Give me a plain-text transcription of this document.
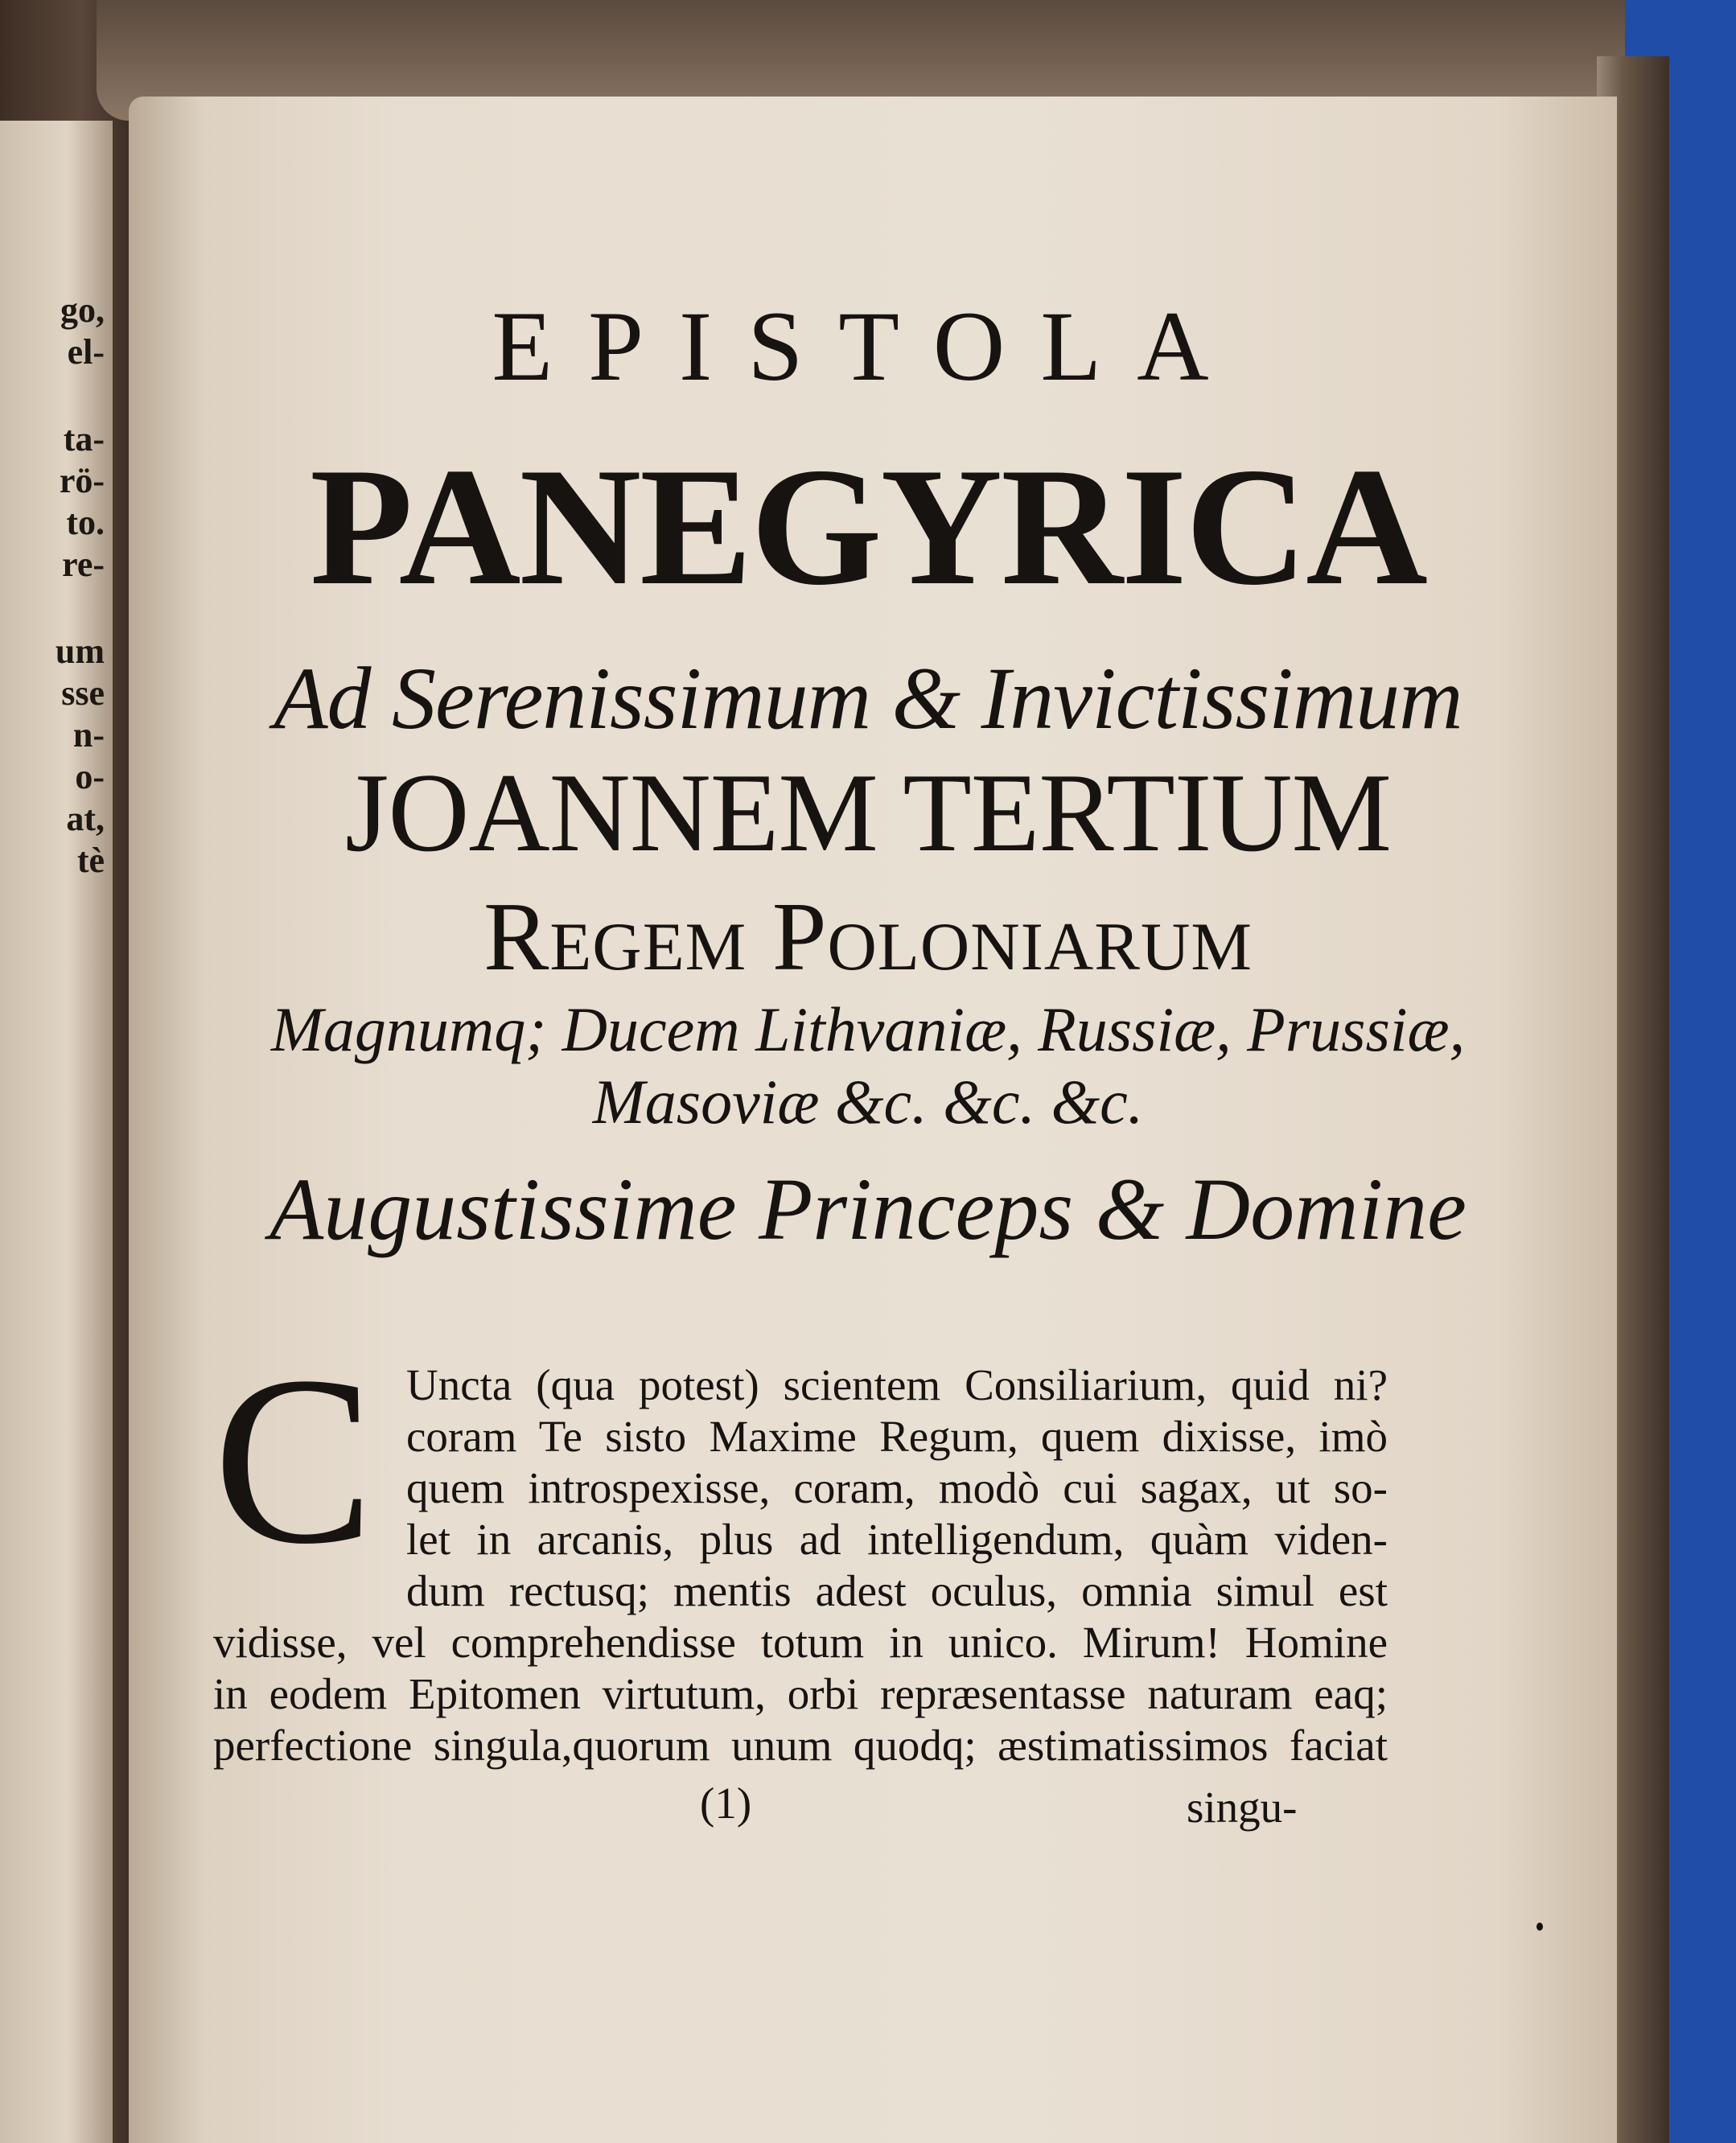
go,
el-
ta-
rö-
to.
re-
um
sse
n-
o-
at,
tè
EPISTOLA
PANEGYRICA
Ad Serenissimum & Invictissimum
JOANNEM TERTIUM
Regem Poloniarum
Magnumq; Ducem Lithvaniæ, Russiæ, Prussiæ,
Masoviæ &c. &c. &c.
Augustissime Princeps & Domine
C Uncta (qua potest) scientem Consiliarium, quid ni?
coram Te sisto Maxime Regum, quem dixisse, imò
quem introspexisse, coram, modò cui sagax, ut so-
let in arcanis, plus ad intelligendum, quàm viden-
dum rectusq; mentis adest oculus, omnia simul est
vidisse, vel comprehendisse totum in unico. Mirum! Homine
in eodem Epitomen virtutum, orbi repræsentasse naturam eaq;
perfectione singula,quorum unum quodq; æstimatissimos faciat
(1)	singu-
